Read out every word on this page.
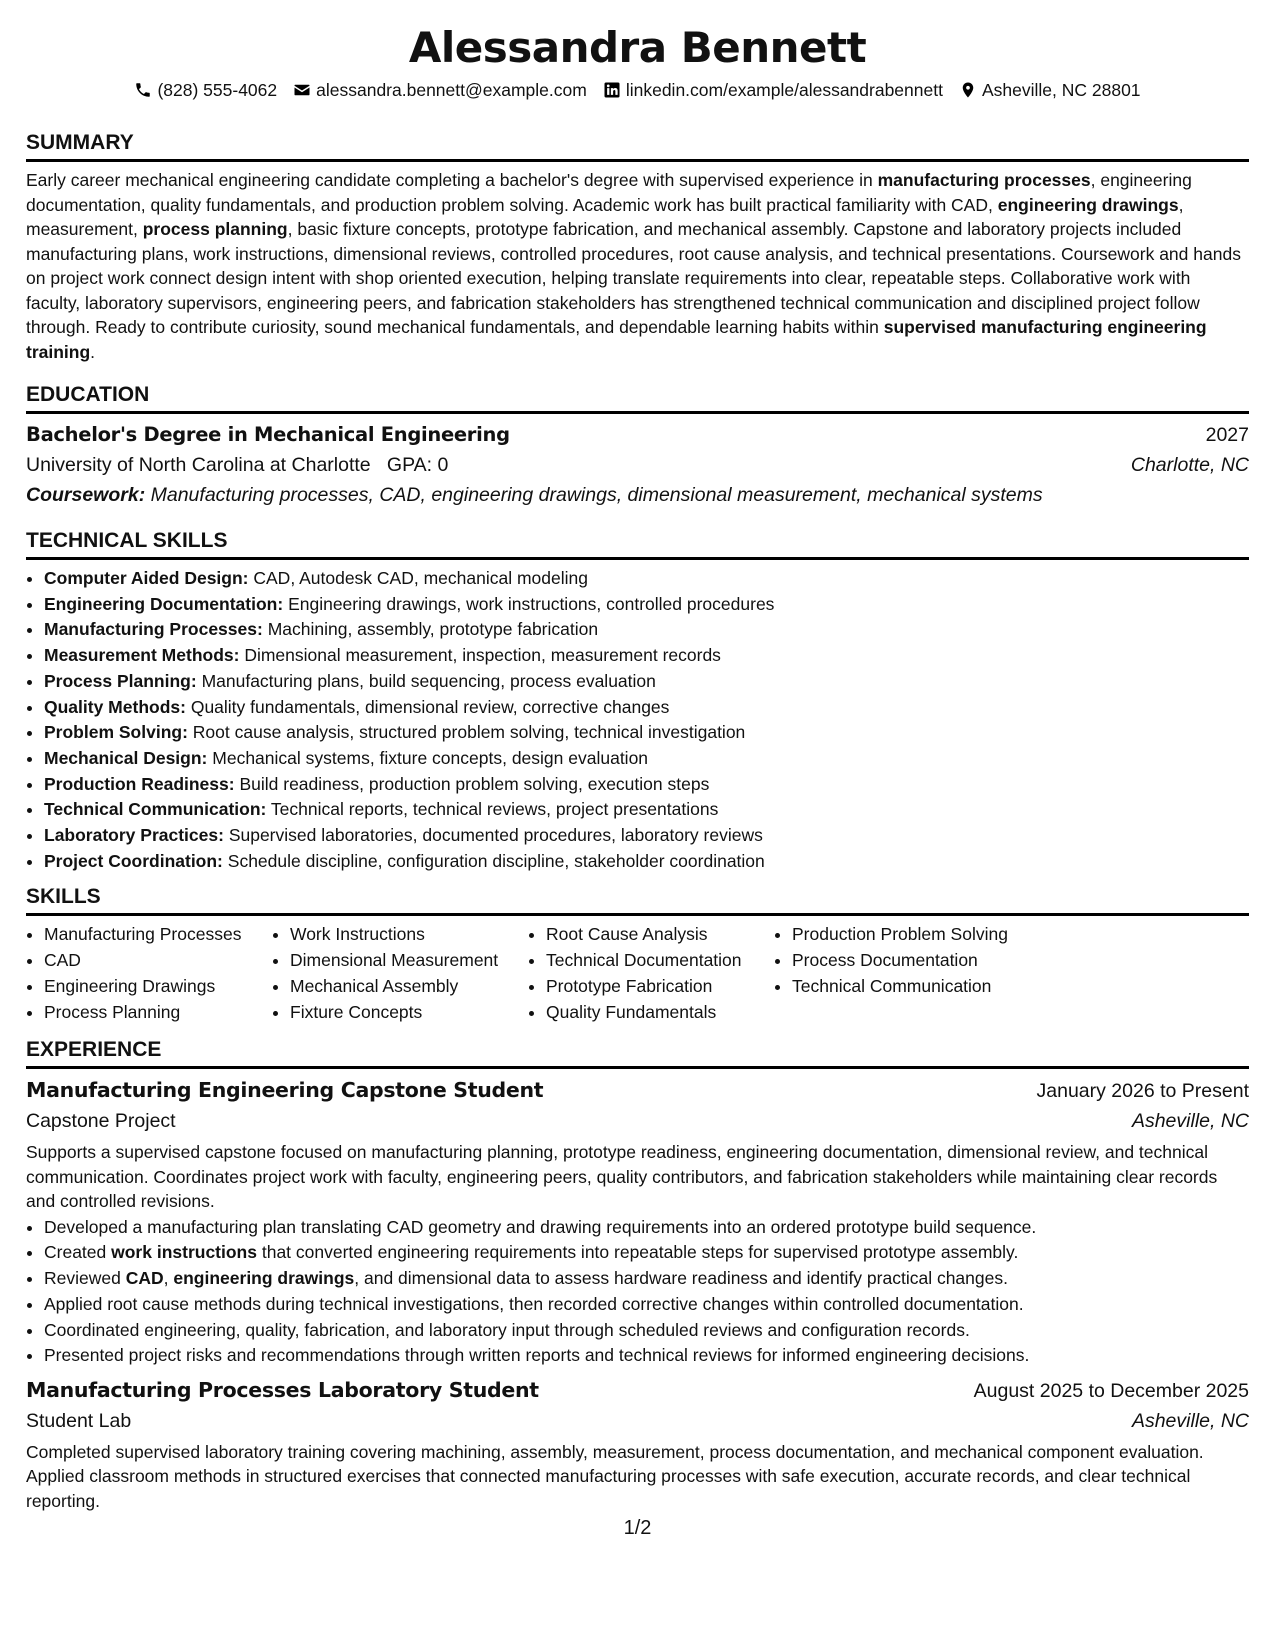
Alessandra Bennett
(828) 555-4062 alessandra.bennett@example.com linkedin.com/example/alessandrabennett Asheville, NC 28801
SUMMARY
Early career mechanical engineering candidate completing a bachelor's degree with supervised experience in manufacturing processes, engineering documentation, quality fundamentals, and production problem solving. Academic work has built practical familiarity with CAD, engineering drawings, measurement, process planning, basic fixture concepts, prototype fabrication, and mechanical assembly. Capstone and laboratory projects included manufacturing plans, work instructions, dimensional reviews, controlled procedures, root cause analysis, and technical presentations. Coursework and hands on project work connect design intent with shop oriented execution, helping translate requirements into clear, repeatable steps. Collaborative work with faculty, laboratory supervisors, engineering peers, and fabrication stakeholders has strengthened technical communication and disciplined project follow through. Ready to contribute curiosity, sound mechanical fundamentals, and dependable learning habits within supervised manufacturing engineering training.
EDUCATION
Bachelor's Degree in Mechanical Engineering	2027
University of North Carolina at Charlotte GPA: 0	Charlotte, NC
Coursework: Manufacturing processes, CAD, engineering drawings, dimensional measurement, mechanical systems
TECHNICAL SKILLS
• Computer Aided Design: CAD, Autodesk CAD, mechanical modeling
• Engineering Documentation: Engineering drawings, work instructions, controlled procedures
• Manufacturing Processes: Machining, assembly, prototype fabrication
• Measurement Methods: Dimensional measurement, inspection, measurement records
• Process Planning: Manufacturing plans, build sequencing, process evaluation
• Quality Methods: Quality fundamentals, dimensional review, corrective changes
• Problem Solving: Root cause analysis, structured problem solving, technical investigation
• Mechanical Design: Mechanical systems, fixture concepts, design evaluation
• Production Readiness: Build readiness, production problem solving, execution steps
• Technical Communication: Technical reports, technical reviews, project presentations
• Laboratory Practices: Supervised laboratories, documented procedures, laboratory reviews
• Project Coordination: Schedule discipline, configuration discipline, stakeholder coordination
SKILLS
• Manufacturing Processes
• CAD
• Engineering Drawings
• Process Planning
• Work Instructions
• Dimensional Measurement
• Mechanical Assembly
• Fixture Concepts
• Root Cause Analysis
• Technical Documentation
• Prototype Fabrication
• Quality Fundamentals
• Production Problem Solving
• Process Documentation
• Technical Communication
EXPERIENCE
Manufacturing Engineering Capstone Student	January 2026 to Present
Capstone Project	Asheville, NC
Supports a supervised capstone focused on manufacturing planning, prototype readiness, engineering documentation, dimensional review, and technical communication. Coordinates project work with faculty, engineering peers, quality contributors, and fabrication stakeholders while maintaining clear records and controlled revisions.
• Developed a manufacturing plan translating CAD geometry and drawing requirements into an ordered prototype build sequence.
• Created work instructions that converted engineering requirements into repeatable steps for supervised prototype assembly.
• Reviewed CAD, engineering drawings, and dimensional data to assess hardware readiness and identify practical changes.
• Applied root cause methods during technical investigations, then recorded corrective changes within controlled documentation.
• Coordinated engineering, quality, fabrication, and laboratory input through scheduled reviews and configuration records.
• Presented project risks and recommendations through written reports and technical reviews for informed engineering decisions.
Manufacturing Processes Laboratory Student	August 2025 to December 2025
Student Lab	Asheville, NC
Completed supervised laboratory training covering machining, assembly, measurement, process documentation, and mechanical component evaluation. Applied classroom methods in structured exercises that connected manufacturing processes with safe execution, accurate records, and clear technical reporting.
1/2
